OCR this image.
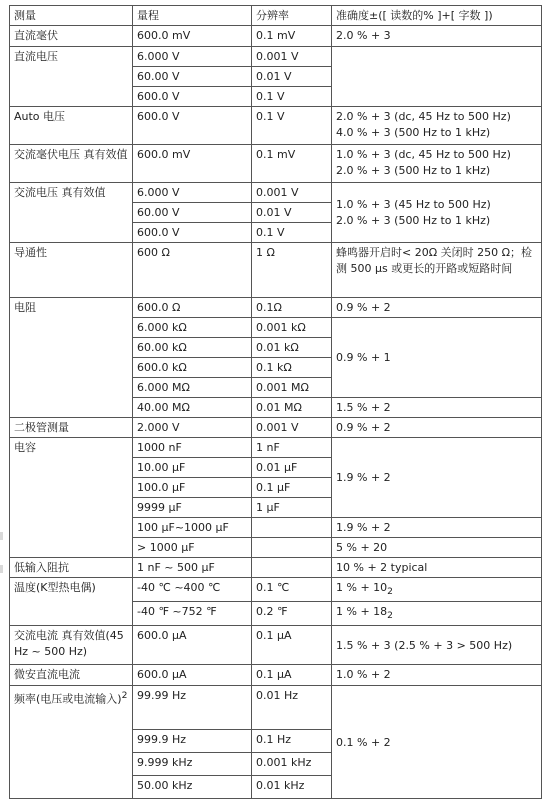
测量	量程	分辨率	准确度±([ 读数的% ]+[ 字数 ])
直流毫伏	600.0 mV	0.1 mV	2.0 % + 3
直流电压	6.000 V	0.001 V	
	60.00 V	0.01 V	
	600.0 V	0.1 V	
Auto 电压	600.0 V	0.1 V	2.0 % + 3 (dc, 45 Hz to 500 Hz)
4.0 % + 3 (500 Hz to 1 kHz)

交流毫伏电压 真有效值	600.0 mV	0.1 mV	1.0 % + 3 (dc, 45 Hz to 500 Hz)
2.0 % + 3 (500 Hz to 1 kHz)

交流电压 真有效值	6.000 V	0.001 V	1.0 % + 3 (45 Hz to 500 Hz)
2.0 % + 3 (500 Hz to 1 kHz)

	60.00 V	0.01 V	
	600.0 V	0.1 V	
导通性	600 Ω	1 Ω	蜂鸣器开启时< 20Ω 关闭时 250 Ω；检测 500 µs 或更长的开路或短路时间
电阻	600.0 Ω	0.1Ω	0.9 % + 2
	6.000 kΩ	0.001 kΩ	0.9 % + 1
	60.00 kΩ	0.01 kΩ	
	600.0 kΩ	0.1 kΩ	
	6.000 MΩ	0.001 MΩ	
	40.00 MΩ	0.01 MΩ	1.5 % + 2
二极管测量	2.000 V	0.001 V	0.9 % + 2
电容	1000 nF	1 nF	1.9 % + 2
	10.00 µF	0.01 µF	
	100.0 µF	0.1 µF	
	9999 µF	1 µF	
	100 µF~1000 µF		1.9 % + 2
	> 1000 µF		5 % + 20
低输入阻抗	1 nF ~ 500 µF		10 % + 2 typical
温度(K型热电偶)	-40 ℃ ~400 ℃	0.1 ℃	1 % + $10_2$
	-40 ℉ ~752 ℉	0.2 ℉	1 % + $18_2$
交流电流 真有效值(45 Hz ~ 500 Hz)	600.0 µA	0.1 µA	1.5 % + 3 (2.5 % + 3 > 500 Hz)
微安直流电流	600.0 µA	0.1 µA	1.0 % + 2
频率(电压或电流输入)$^2$	99.99 Hz	0.01 Hz	0.1 % + 2
	999.9 Hz	0.1 Hz	
	9.999 kHz	0.001 kHz	
	50.00 kHz	0.01 kHz	
